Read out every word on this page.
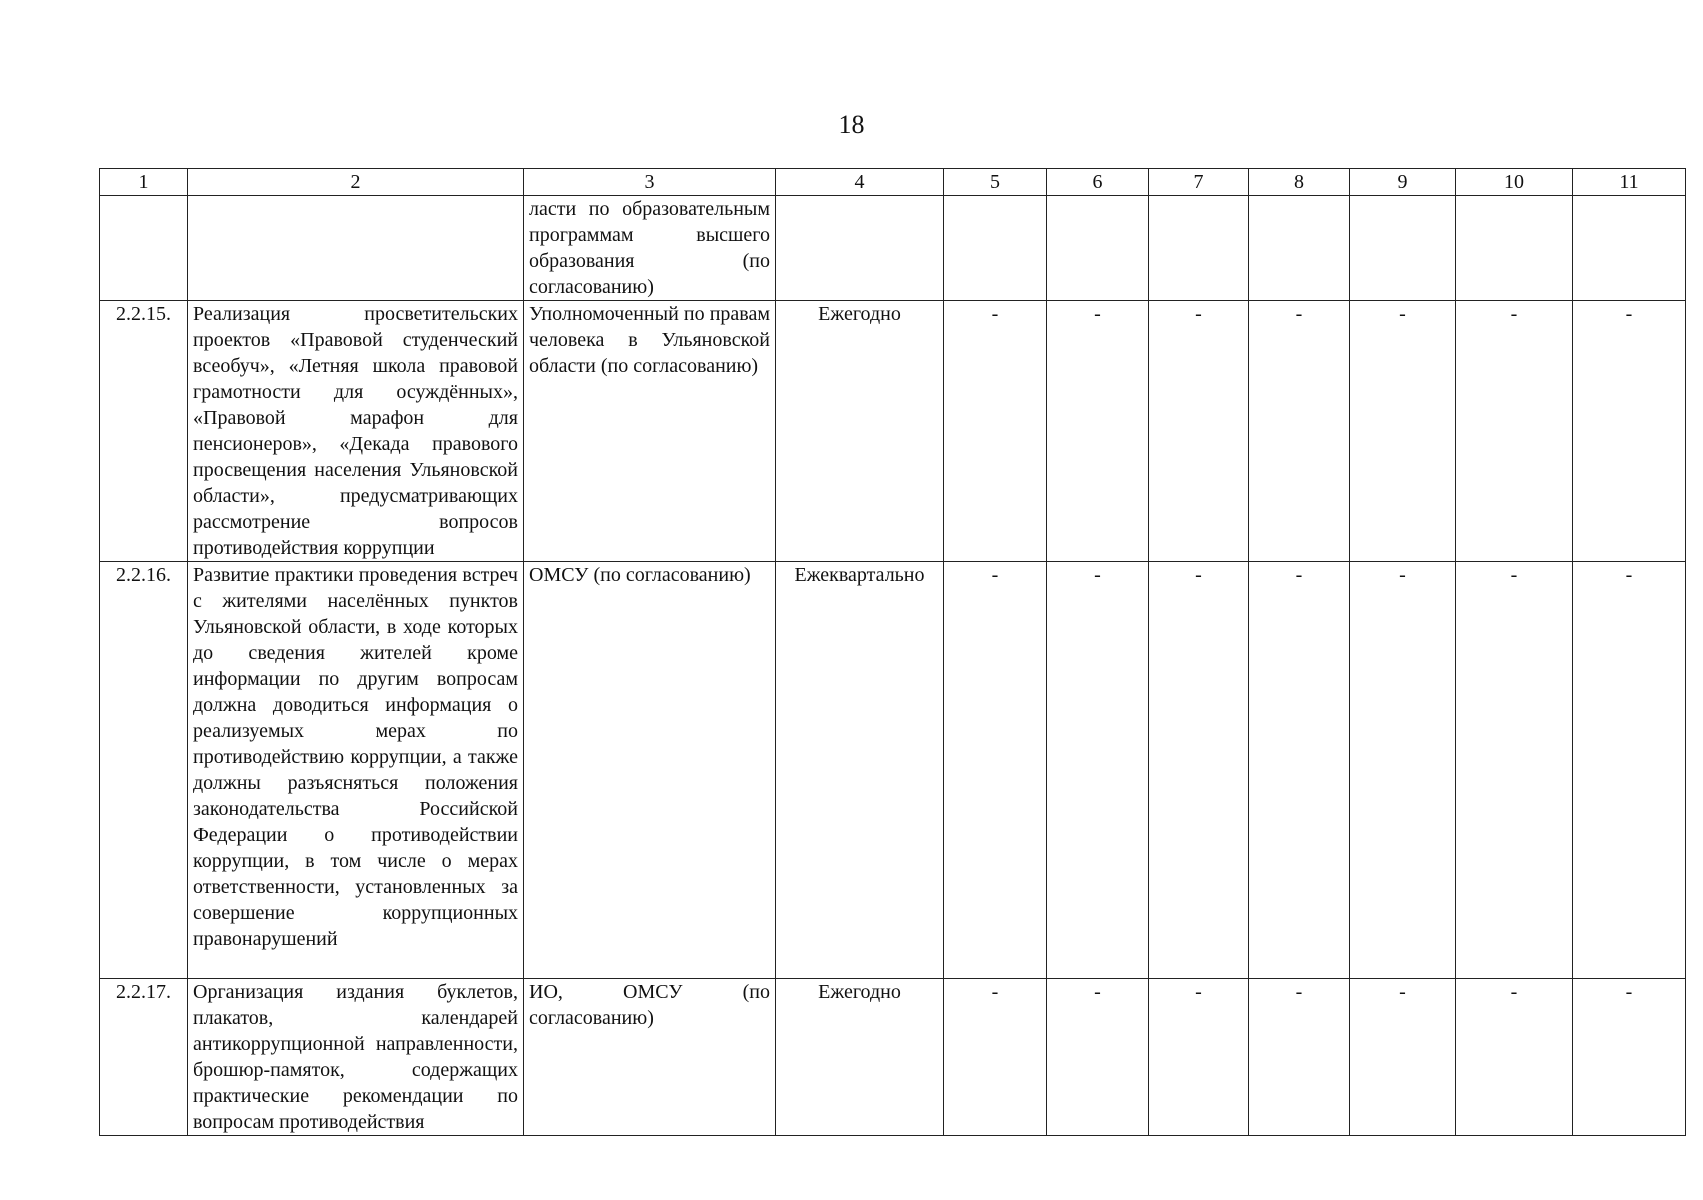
18
1	2	3	4	5	6	7	8	9	10	11
		ласти по образовательным программам высшего образования (по согласованию)								
2.2.15.	Реализация просветительских проектов «Правовой студенческий всеобуч», «Летняя школа правовой грамотности для осуждённых», «Правовой марафон для пенсионеров», «Декада правового просвещения населения Ульяновской области», предусматривающих рассмотрение вопросов противодействия коррупции	Уполномоченный по правам человека в Ульяновской области (по согласованию)	Ежегодно	-	-	-	-	-	-	-
2.2.16.	Развитие практики проведения встреч с жителями населённых пунктов Ульяновской области, в ходе которых до сведения жителей кроме информации по другим вопросам должна доводиться информация о реализуемых мерах по противодействию коррупции, а также должны разъясняться положения законодательства Российской Федерации о противодействии коррупции, в том числе о мерах ответственности, установленных за совершение коррупционных правонарушений	ОМСУ (по согласованию)	Ежеквартально	-	-	-	-	-	-	-
2.2.17.	Организация издания буклетов, плакатов, календарей антикоррупционной направленности, брошюр-памяток, содержащих практические рекомендации по вопросам противодействия	ИО, ОМСУ (по согласованию)	Ежегодно	-	-	-	-	-	-	-
